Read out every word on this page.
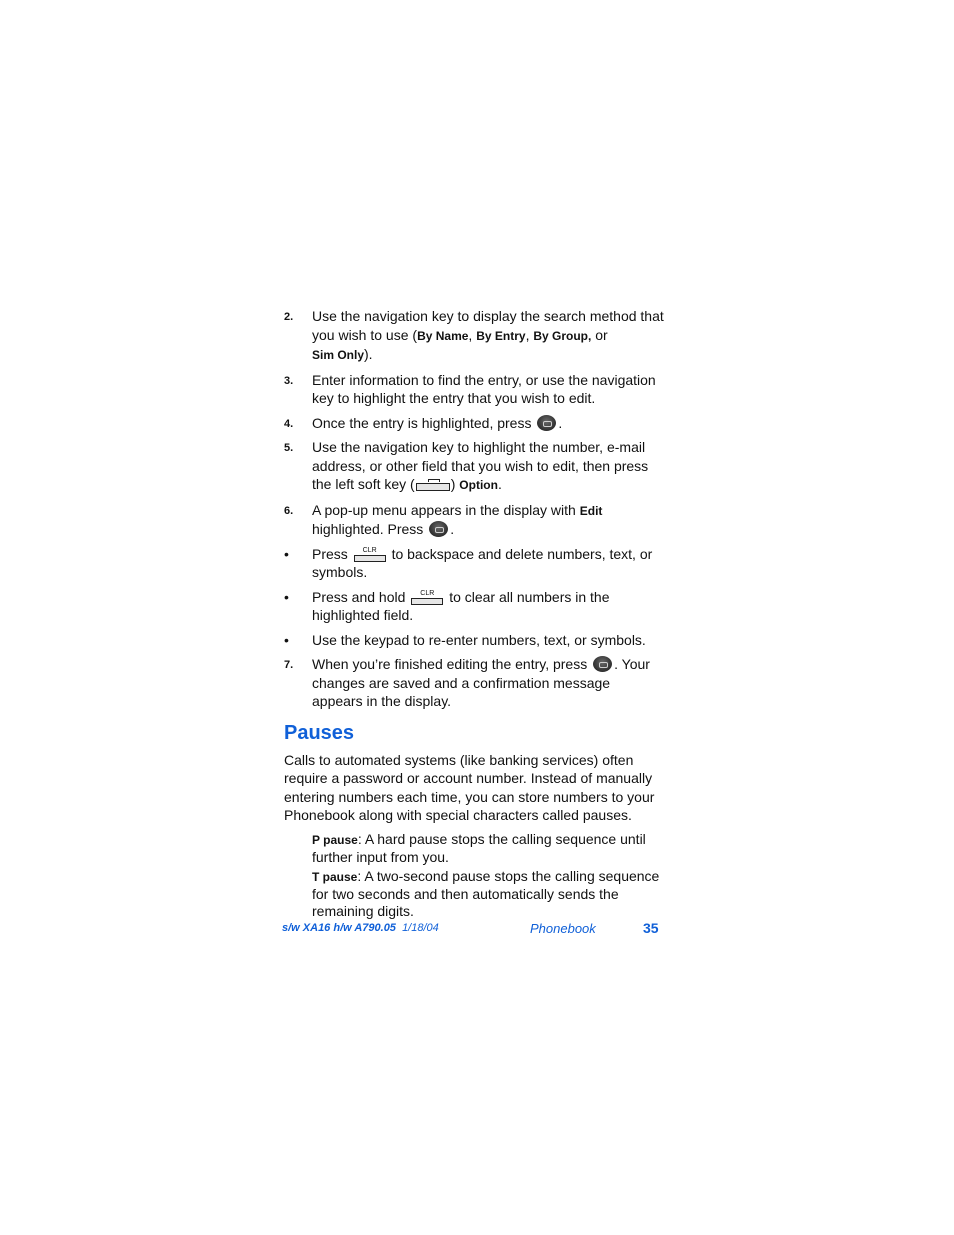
2. Use the navigation key to display the search method that you wish to use (By Name, By Entry, By Group, or
Sim Only).
3. Enter information to find the entry, or use the navigation key to highlight the entry that you wish to edit.
4. Once the entry is highlighted, press .
5. Use the navigation key to highlight the number, e-mail address, or other field that you wish to edit, then press the left soft key (	) Option.
6. A pop-up menu appears in the display with Edit
highlighted. Press .
• Press	CLR	to backspace and delete numbers, text, or symbols.
• Press and hold	CLR	to clear all numbers in the highlighted field.
• Use the keypad to re-enter numbers, text, or symbols.
7. When you’re finished editing the entry, press . Your changes are saved and a confirmation message appears in the display.
Pauses

Calls to automated systems (like banking services) often require a password or account number. Instead of manually entering numbers each time, you can store numbers to your Phonebook along with special characters called pauses.

P pause: A hard pause stops the calling sequence until further input from you.
T pause: A two-second pause stops the calling sequence for two seconds and then automatically sends the remaining digits.
s/w XA16 h/w A790.05 1/18/04	Phonebook	35
